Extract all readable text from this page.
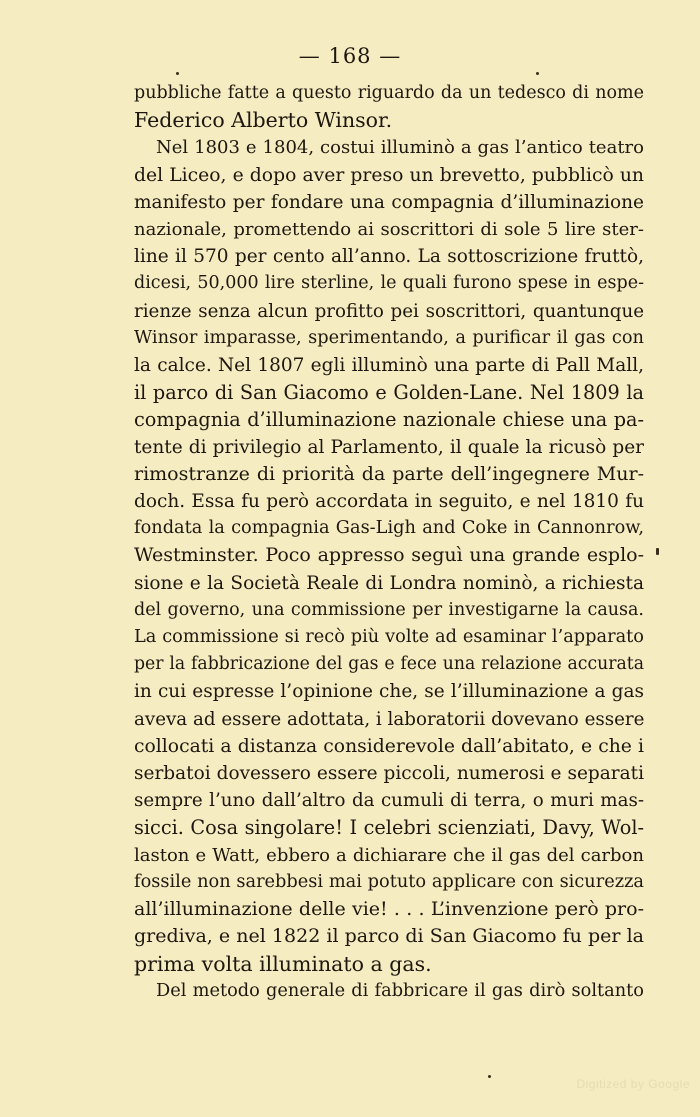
— 168 —
pubbliche fatte a questo riguardo da un tedesco di nome
Federico Alberto Winsor.
Nel 1803 e 1804, costui illuminò a gas l’antico teatro
del Liceo, e dopo aver preso un brevetto, pubblicò un
manifesto per fondare una compagnia d’illuminazione
nazionale, promettendo ai soscrittori di sole 5 lire ster-
line il 570 per cento all’anno. La sottoscrizione fruttò,
dicesi, 50,000 lire sterline, le quali furono spese in espe-
rienze senza alcun profitto pei soscrittori, quantunque
Winsor imparasse, sperimentando, a purificar il gas con
la calce. Nel 1807 egli illuminò una parte di Pall Mall,
il parco di San Giacomo e Golden-Lane. Nel 1809 la
compagnia d’illuminazione nazionale chiese una pa-
tente di privilegio al Parlamento, il quale la ricusò per
rimostranze di priorità da parte dell’ingegnere Mur-
doch. Essa fu però accordata in seguito, e nel 1810 fu
fondata la compagnia Gas-Ligh and Coke in Cannonrow,
Westminster. Poco appresso seguì una grande esplo-
sione e la Società Reale di Londra nominò, a richiesta
del governo, una commissione per investigarne la causa.
La commissione si recò più volte ad esaminar l’apparato
per la fabbricazione del gas e fece una relazione accurata
in cui espresse l’opinione che, se l’illuminazione a gas
aveva ad essere adottata, i laboratorii dovevano essere
collocati a distanza considerevole dall’abitato, e che i
serbatoi dovessero essere piccoli, numerosi e separati
sempre l’uno dall’altro da cumuli di terra, o muri mas-
sicci. Cosa singolare! I celebri scienziati, Davy, Wol-
laston e Watt, ebbero a dichiarare che il gas del carbon
fossile non sarebbesi mai potuto applicare con sicurezza
all’illuminazione delle vie! . . . L’invenzione però pro-
grediva, e nel 1822 il parco di San Giacomo fu per la
prima volta illuminato a gas.
Del metodo generale di fabbricare il gas dirò soltanto
Digitized by Google
